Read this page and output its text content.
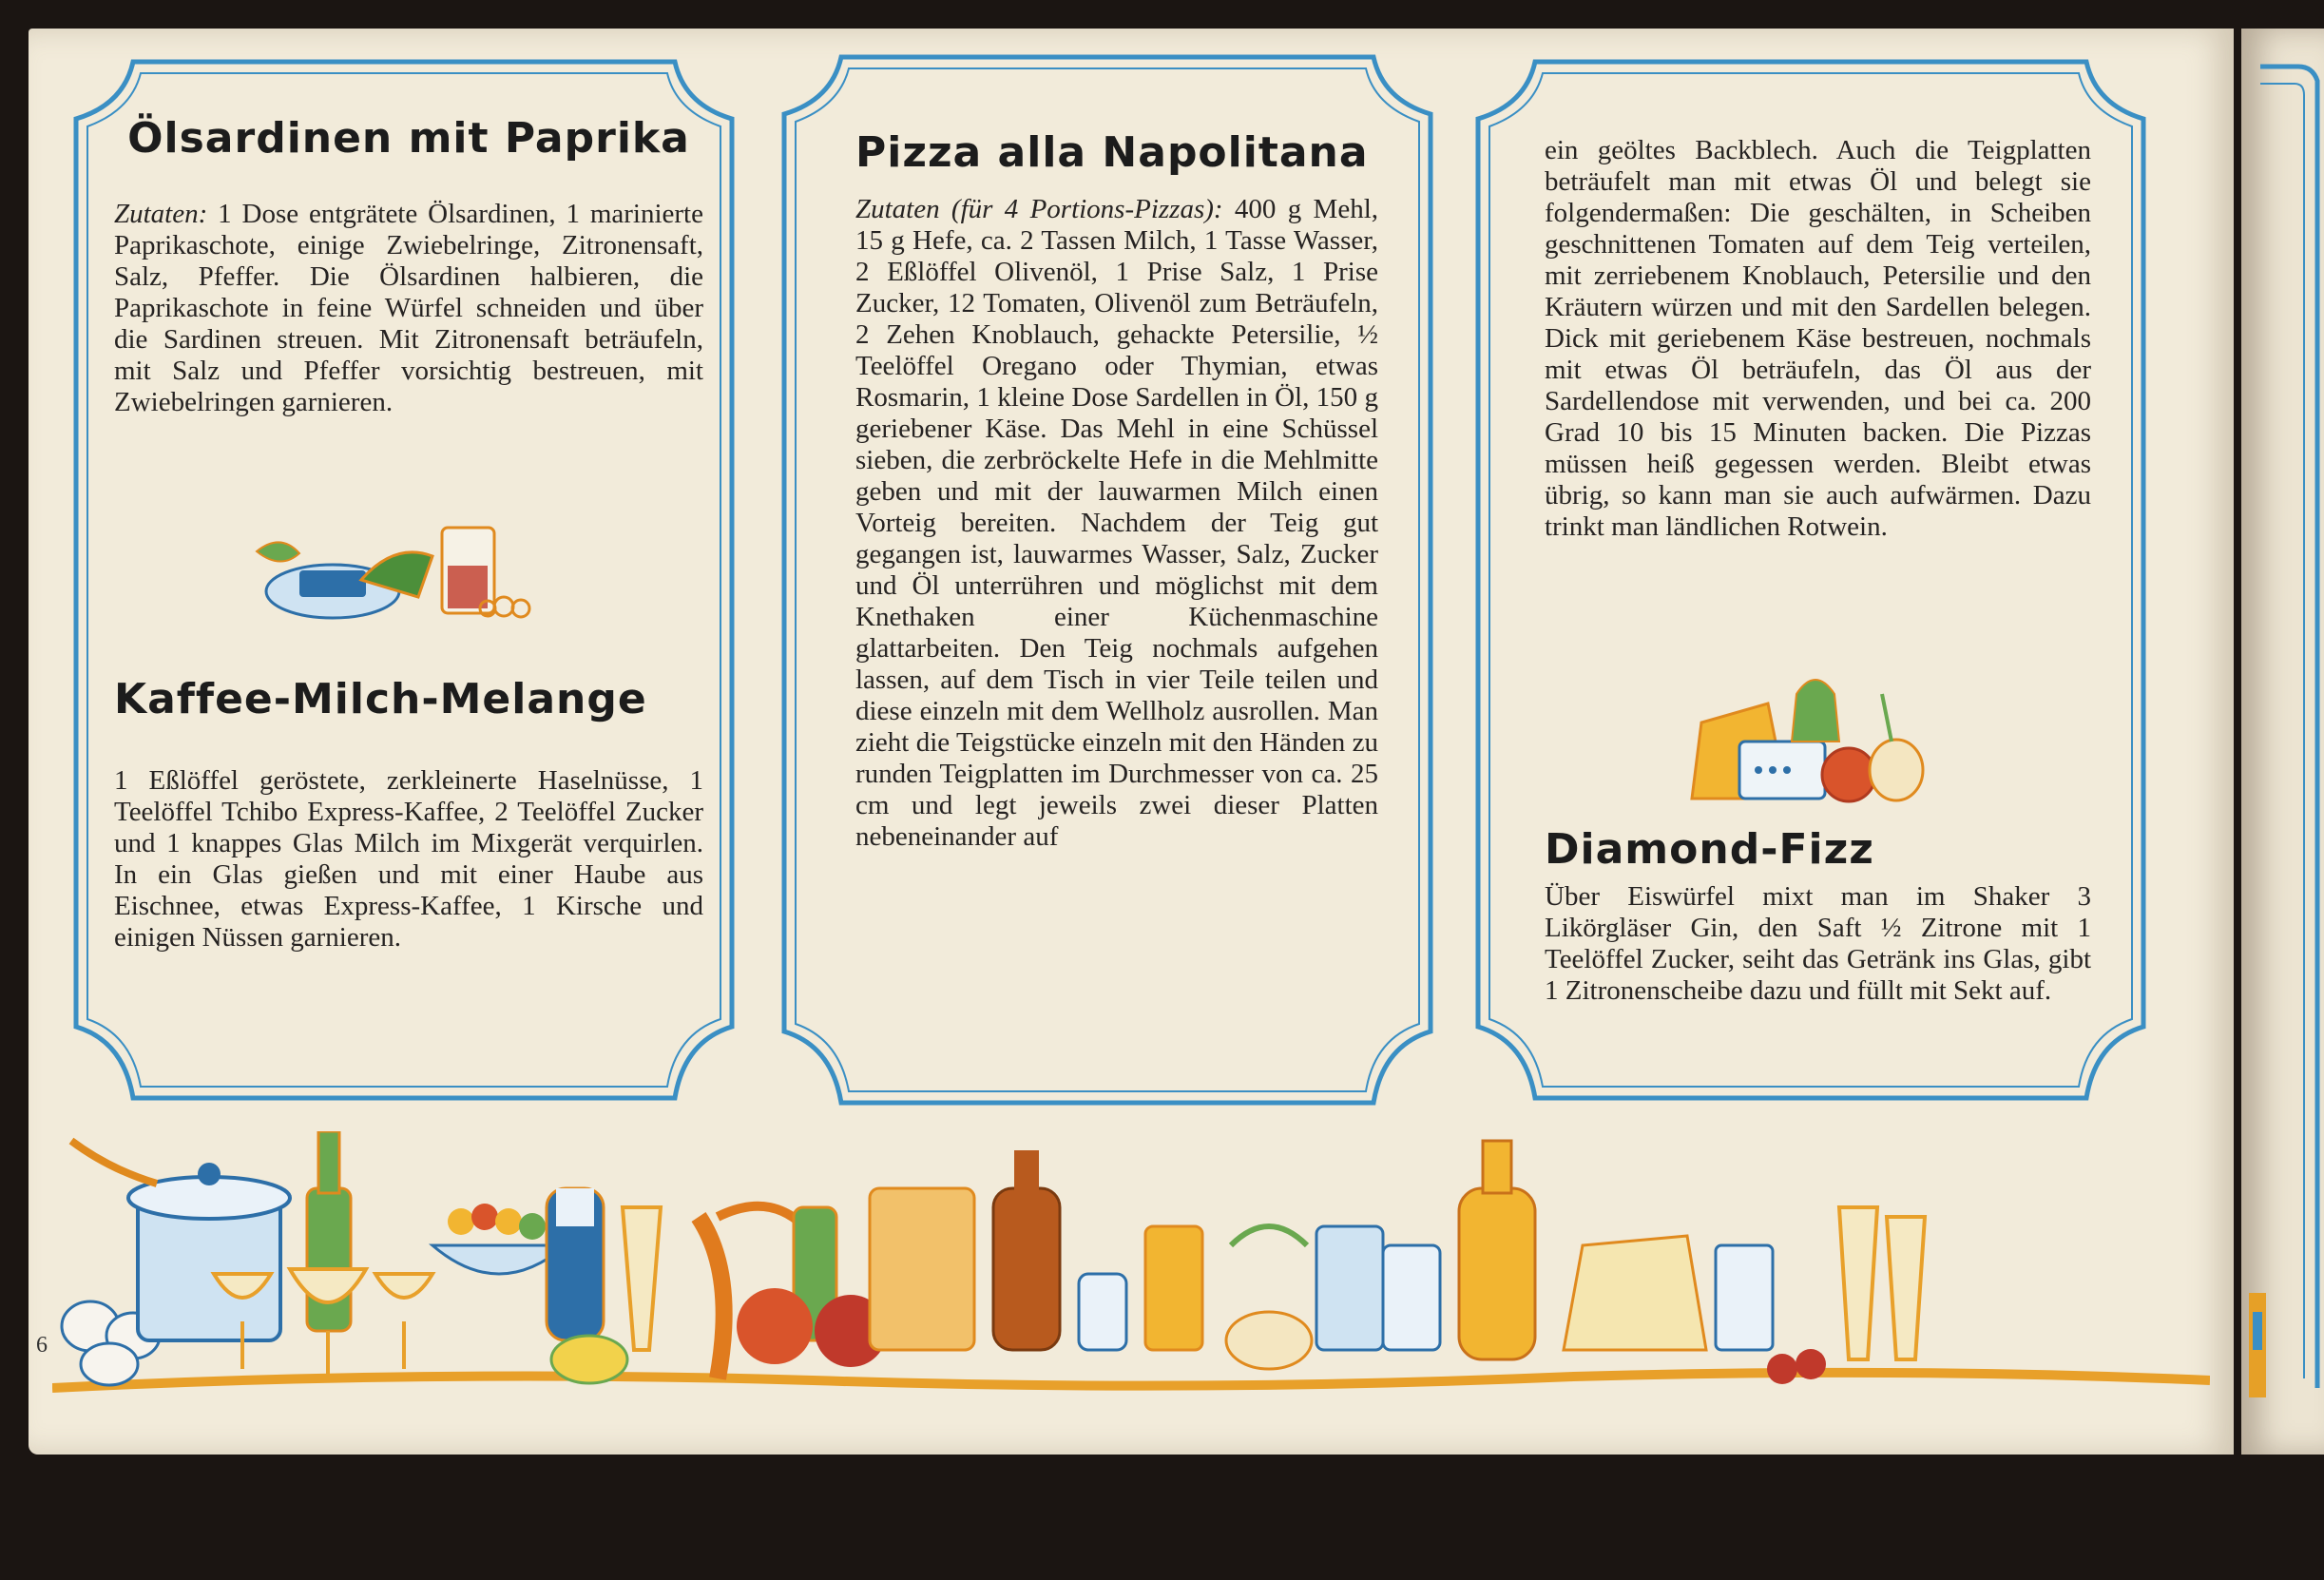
Ölsardinen mit Paprika

Zutaten: 1 Dose entgrätete Ölsardinen, 1 marinierte Paprikaschote, einige Zwiebelringe, Zitronensaft, Salz, Pfeffer. Die Ölsardinen halbieren, die Paprikaschote in feine Würfel schneiden und über die Sardinen streuen. Mit Zitronensaft beträufeln, mit Salz und Pfeffer vorsichtig bestreuen, mit Zwiebelringen garnieren.

Kaffee-Milch-Melange

1 Eßlöffel geröstete, zerkleinerte Haselnüsse, 1 Teelöffel Tchibo Express-Kaffee, 2 Teelöffel Zucker und 1 knappes Glas Milch im Mixgerät verquirlen. In ein Glas gießen und mit einer Haube aus Eischnee, etwas Express-Kaffee, 1 Kirsche und einigen Nüssen garnieren.

Pizza alla Napolitana

Zutaten (für 4 Portions-Pizzas): 400 g Mehl, 15 g Hefe, ca. 2 Tassen Milch, 1 Tasse Wasser, 2 Eßlöffel Olivenöl, 1 Prise Salz, 1 Prise Zucker, 12 Tomaten, Olivenöl zum Beträufeln, 2 Zehen Knoblauch, gehackte Petersilie, ½ Teelöffel Oregano oder Thymian, etwas Rosmarin, 1 kleine Dose Sardellen in Öl, 150 g geriebener Käse. Das Mehl in eine Schüssel sieben, die zerbröckelte Hefe in die Mehlmitte geben und mit der lauwarmen Milch einen Vorteig bereiten. Nachdem der Teig gut gegangen ist, lauwarmes Wasser, Salz, Zucker und Öl unterrühren und möglichst mit dem Knethaken einer Küchenmaschine glattarbeiten. Den Teig nochmals aufgehen lassen, auf dem Tisch in vier Teile teilen und diese einzeln mit dem Wellholz ausrollen. Man zieht die Teigstücke einzeln mit den Händen zu runden Teigplatten im Durchmesser von ca. 25 cm und legt jeweils zwei dieser Platten nebeneinander auf

ein geöltes Backblech. Auch die Teigplatten beträufelt man mit etwas Öl und belegt sie folgendermaßen: Die geschälten, in Scheiben geschnittenen Tomaten auf dem Teig verteilen, mit zerriebenem Knoblauch, Petersilie und den Kräutern würzen und mit den Sardellen belegen. Dick mit geriebenem Käse bestreuen, nochmals mit etwas Öl beträufeln, das Öl aus der Sardellendose mit verwenden, und bei ca. 200 Grad 10 bis 15 Minuten backen. Die Pizzas müssen heiß gegessen werden. Bleibt etwas übrig, so kann man sie auch aufwärmen. Dazu trinkt man ländlichen Rotwein.

Diamond-Fizz

Über Eiswürfel mixt man im Shaker 3 Likörgläser Gin, den Saft ½ Zitrone mit 1 Teelöffel Zucker, seiht das Getränk ins Glas, gibt 1 Zitronenscheibe dazu und füllt mit Sekt auf.

6
